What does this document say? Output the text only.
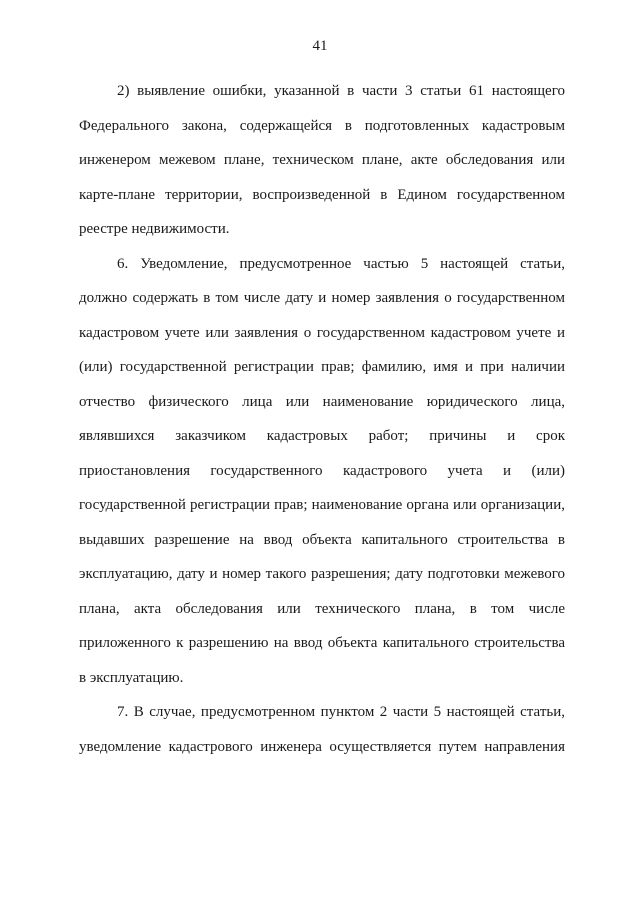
41
2) выявление ошибки, указанной в части 3 статьи 61 настоящего
Федерального закона, содержащейся в подготовленных кадастровым
инженером межевом плане, техническом плане, акте обследования или
карте-плане территории, воспроизведенной в Едином государственном
реестре недвижимости.
6. Уведомление, предусмотренное частью 5 настоящей статьи,
должно содержать в том числе дату и номер заявления о государственном
кадастровом учете или заявления о государственном кадастровом учете и
(или) государственной регистрации прав; фамилию, имя и при наличии
отчество физического лица или наименование юридического лица,
являвшихся заказчиком кадастровых работ; причины и срок
приостановления государственного кадастрового учета и (или)
государственной регистрации прав; наименование органа или организации,
выдавших разрешение на ввод объекта капитального строительства в
эксплуатацию, дату и номер такого разрешения; дату подготовки межевого
плана, акта обследования или технического плана, в том числе
приложенного к разрешению на ввод объекта капитального строительства
в эксплуатацию.
7. В случае, предусмотренном пунктом 2 части 5 настоящей статьи,
уведомление кадастрового инженера осуществляется путем направления
